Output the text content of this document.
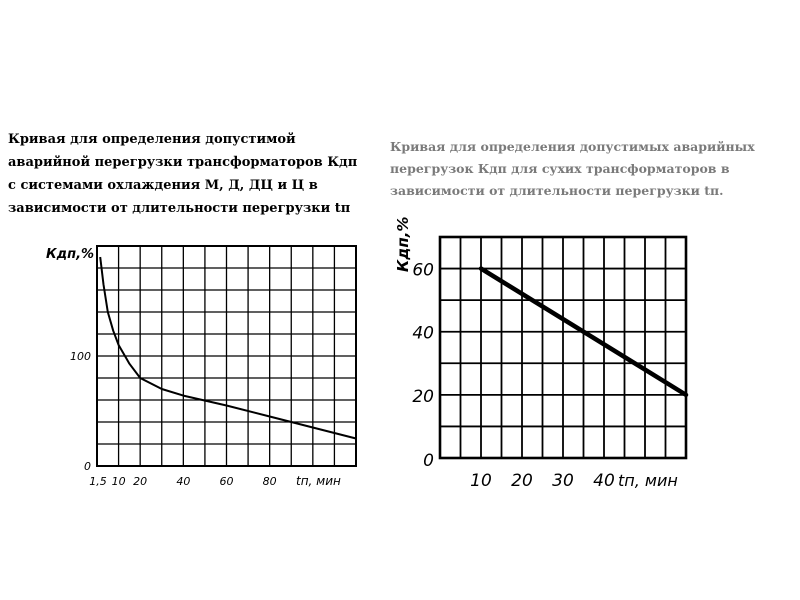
Кривая для определения допустимой
аварийной перегрузки трансформаторов Кдп
с системами охлаждения М, Д, ДЦ и Ц в
зависимости от длительности перегрузки tп
Кривая для определения допустимых аварийных
перегрузок Кдп для сухих трансформаторов в
зависимости от длительности перегрузки tп.
1,5 10 20	40	60	80
0
100
Кдп,%
tп, мин	10 20 30 40
0
20
40
60
Кдп,%
tп, мин
